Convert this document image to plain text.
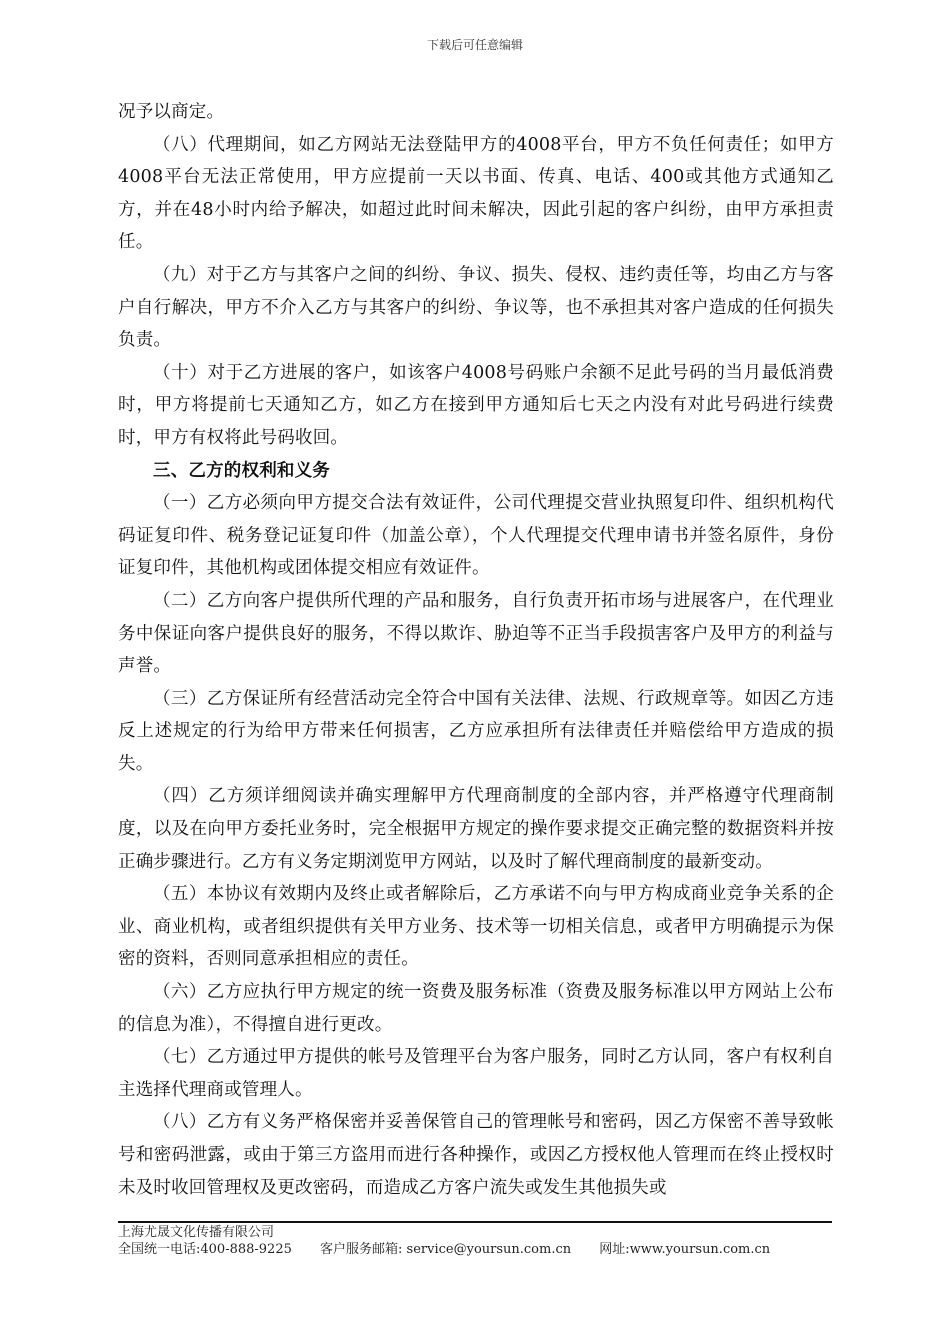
下载后可任意编辑

况予以商定。

（八）代理期间，如乙方网站无法登陆甲方的4008平台，甲方不负任何责任；如甲方4008平台无法正常使用，甲方应提前一天以书面、传真、电话、400或其他方式通知乙方，并在48小时内给予解决，如超过此时间未解决，因此引起的客户纠纷，由甲方承担责任。

（九）对于乙方与其客户之间的纠纷、争议、损失、侵权、违约责任等，均由乙方与客户自行解决，甲方不介入乙方与其客户的纠纷、争议等，也不承担其对客户造成的任何损失负责。

（十）对于乙方进展的客户，如该客户4008号码账户余额不足此号码的当月最低消费时，甲方将提前七天通知乙方，如乙方在接到甲方通知后七天之内没有对此号码进行续费时，甲方有权将此号码收回。

三、乙方的权利和义务

（一）乙方必须向甲方提交合法有效证件，公司代理提交营业执照复印件、组织机构代码证复印件、税务登记证复印件（加盖公章），个人代理提交代理申请书并签名原件，身份证复印件，其他机构或团体提交相应有效证件。

（二）乙方向客户提供所代理的产品和服务，自行负责开拓市场与进展客户，在代理业务中保证向客户提供良好的服务，不得以欺诈、胁迫等不正当手段损害客户及甲方的利益与声誉。

（三）乙方保证所有经营活动完全符合中国有关法律、法规、行政规章等。如因乙方违反上述规定的行为给甲方带来任何损害，乙方应承担所有法律责任并赔偿给甲方造成的损失。

（四）乙方须详细阅读并确实理解甲方代理商制度的全部内容，并严格遵守代理商制度，以及在向甲方委托业务时，完全根据甲方规定的操作要求提交正确完整的数据资料并按正确步骤进行。乙方有义务定期浏览甲方网站，以及时了解代理商制度的最新变动。

（五）本协议有效期内及终止或者解除后，乙方承诺不向与甲方构成商业竞争关系的企业、商业机构，或者组织提供有关甲方业务、技术等一切相关信息，或者甲方明确提示为保密的资料，否则同意承担相应的责任。

（六）乙方应执行甲方规定的统一资费及服务标准（资费及服务标准以甲方网站上公布的信息为准），不得擅自进行更改。

（七）乙方通过甲方提供的帐号及管理平台为客户服务，同时乙方认同，客户有权利自主选择代理商或管理人。

（八）乙方有义务严格保密并妥善保管自己的管理帐号和密码，因乙方保密不善导致帐号和密码泄露，或由于第三方盗用而进行各种操作，或因乙方授权他人管理而在终止授权时未及时收回管理权及更改密码，而造成乙方客户流失或发生其他损失或

上海尤晟文化传播有限公司
全国统一电话:400-888-9225 客户服务邮箱: service@yoursun.com.cn 网址:www.yoursun.com.cn
